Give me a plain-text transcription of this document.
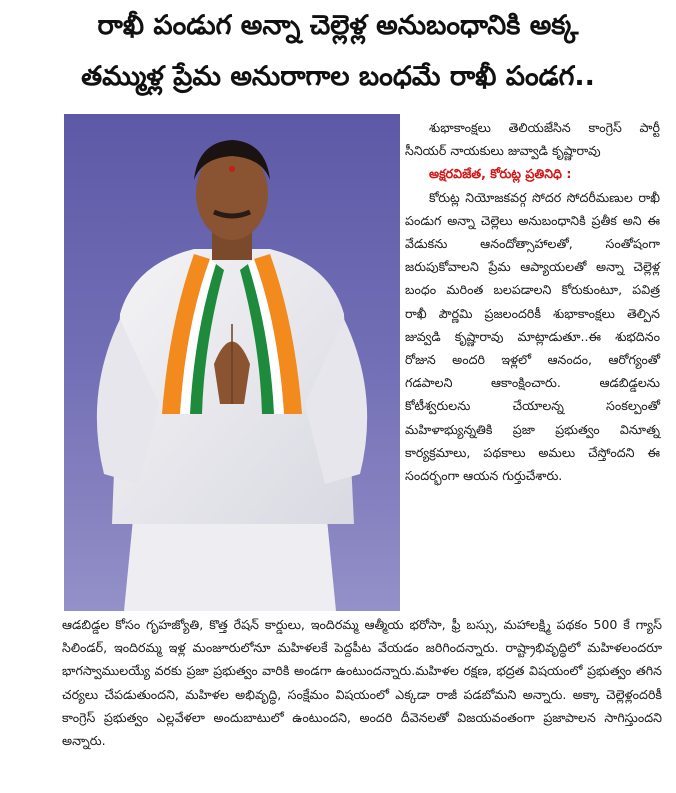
రాఖీ పండుగ అన్నా చెల్లెళ్ల అనుబంధానికి అక్క
తమ్ముళ్ల ప్రేమ అనురాగాల బంధమే రాఖీ పండగ..

శుభాకాంక్షలు తెలియజేసిన కాంగ్రెస్ పార్టీ సీనియర్ నాయకులు జువ్వాడి కృష్ణారావు

అక్షరవిజేత, కోరుట్ల ప్రతినిధి :

కోరుట్ల నియోజకవర్గ సోదర సోదరీమణుల రాఖీ పండుగ అన్నా చెల్లెలు అనుబంధానికి ప్రతీక అని ఈ వేడుకను ఆనందోత్సాహాలతో, సంతోషంగా జరుపుకోవాలని ప్రేమ ఆప్యాయలతో అన్నా చెల్లెళ్ల బంధం మరింత బలపడాలని కోరుకుంటూ, పవిత్ర రాఖీ పౌర్ణమి ప్రజలందరికీ శుభాకాంక్షలు తెల్పిన జువ్వడి కృష్ణారావు మాట్లాడుతూ..ఈ శుభదినం రోజున అందరి ఇళ్లలో ఆనందం, ఆరోగ్యంతో గడపాలని ఆకాంక్షించారు. ఆడబిడ్డలను కోటీశ్వరులను చేయాలన్న సంకల్పంతో మహిళాభ్యున్నతికి ప్రజా ప్రభుత్వం వినూత్న కార్యక్రమాలు, పథకాలు అమలు చేస్తోందని ఈ సందర్భంగా ఆయన గుర్తుచేశారు.

ఆడబిడ్డల కోసం గృహజ్యోతి, కొత్త రేషన్ కార్డులు, ఇందిరమ్మ ఆత్మీయ భరోసా, ఫ్రీ బస్సు, మహాలక్ష్మి పథకం 500 కే గ్యాస్ సిలిండర్, ఇందిరమ్మ ఇళ్ల మంజూరులోనూ మహిళలకే పెద్దపీట వేయడం జరిగిందన్నారు. రాష్ట్రాభివృద్ధిలో మహిళలందరూ భాగస్వాములయ్యే వరకు ప్రజా ప్రభుత్వం వారికి అండగా ఉంటుందన్నారు.మహిళల రక్షణ, భద్రత విషయంలో ప్రభుత్వం తగిన చర్యలు చేపడుతుందని, మహిళల అభివృద్ధి, సంక్షేమం విషయంలో ఎక్కడా రాజీ పడబోమని అన్నారు. అక్కా చెల్లెళ్లందరికీ కాంగ్రెస్ ప్రభుత్వం ఎల్లవేళలా అందుబాటులో ఉంటుందని, అందరి దీవెనలతో విజయవంతంగా ప్రజాపాలన సాగిస్తుందని అన్నారు.
